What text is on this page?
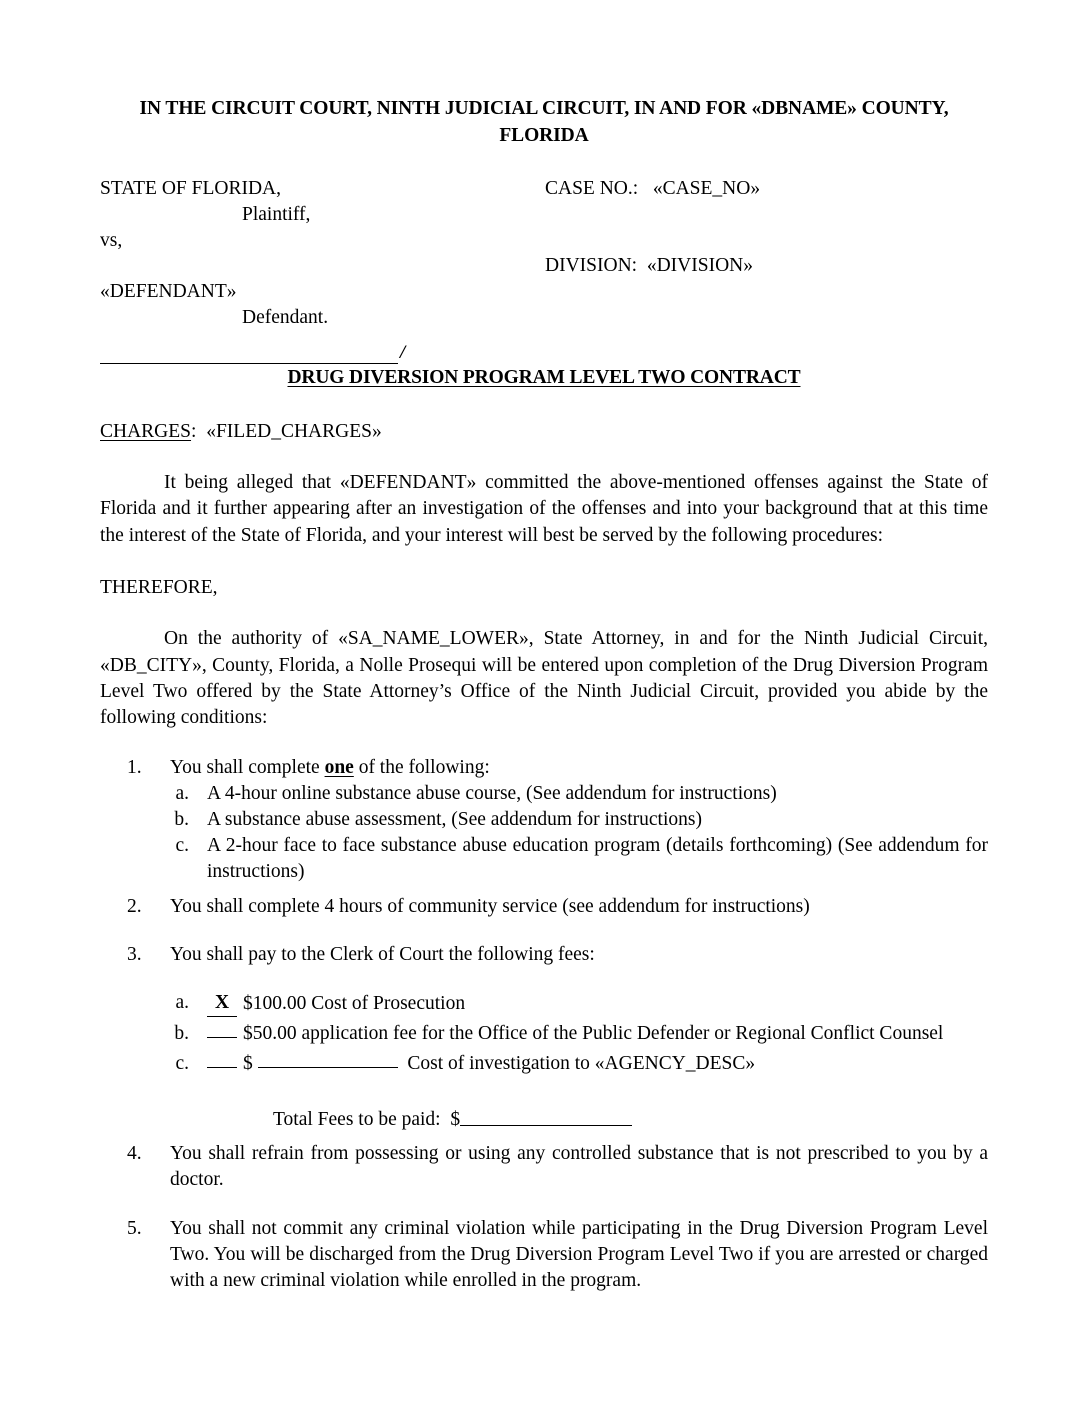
IN THE CIRCUIT COURT, NINTH JUDICIAL CIRCUIT, IN AND FOR «DBNAME» COUNTY,
FLORIDA
STATE OF FLORIDA,
Plaintiff,
vs,
«DEFENDANT»
Defendant.
/
CASE NO.: «CASE_NO»
DIVISION: «DIVISION»
DRUG DIVERSION PROGRAM LEVEL TWO CONTRACT
CHARGES: «FILED_CHARGES»

It being alleged that «DEFENDANT» committed the above-mentioned offenses against the State of Florida and it further appearing after an investigation of the offenses and into your background that at this time the interest of the State of Florida, and your interest will best be served by the following procedures:

THEREFORE,

On the authority of «SA_NAME_LOWER», State Attorney, in and for the Ninth Judicial Circuit, «DB_CITY», County, Florida, a Nolle Prosequi will be entered upon completion of the Drug Diversion Program Level Two offered by the State Attorney’s Office of the Ninth Judicial Circuit, provided you abide by the following conditions:

1.	You shall complete one of the following:
a. A 4-hour online substance abuse course, (See addendum for instructions)
b. A substance abuse assessment, (See addendum for instructions)
c. A 2-hour face to face substance abuse education program (details forthcoming) (See addendum for instructions)
2.	You shall complete 4 hours of community service (see addendum for instructions)
3.	You shall pay to the Clerk of Court the following fees:
a.	X $100.00 Cost of Prosecution
b.	$50.00 application fee for the Office of the Public Defender or Regional Conflict Counsel
c.	$	Cost of investigation to «AGENCY_DESC»
Total Fees to be paid: $
4.	You shall refrain from possessing or using any controlled substance that is not prescribed to you by a doctor.
5.	You shall not commit any criminal violation while participating in the Drug Diversion Program Level Two. You will be discharged from the Drug Diversion Program Level Two if you are arrested or charged with a new criminal violation while enrolled in the program.
